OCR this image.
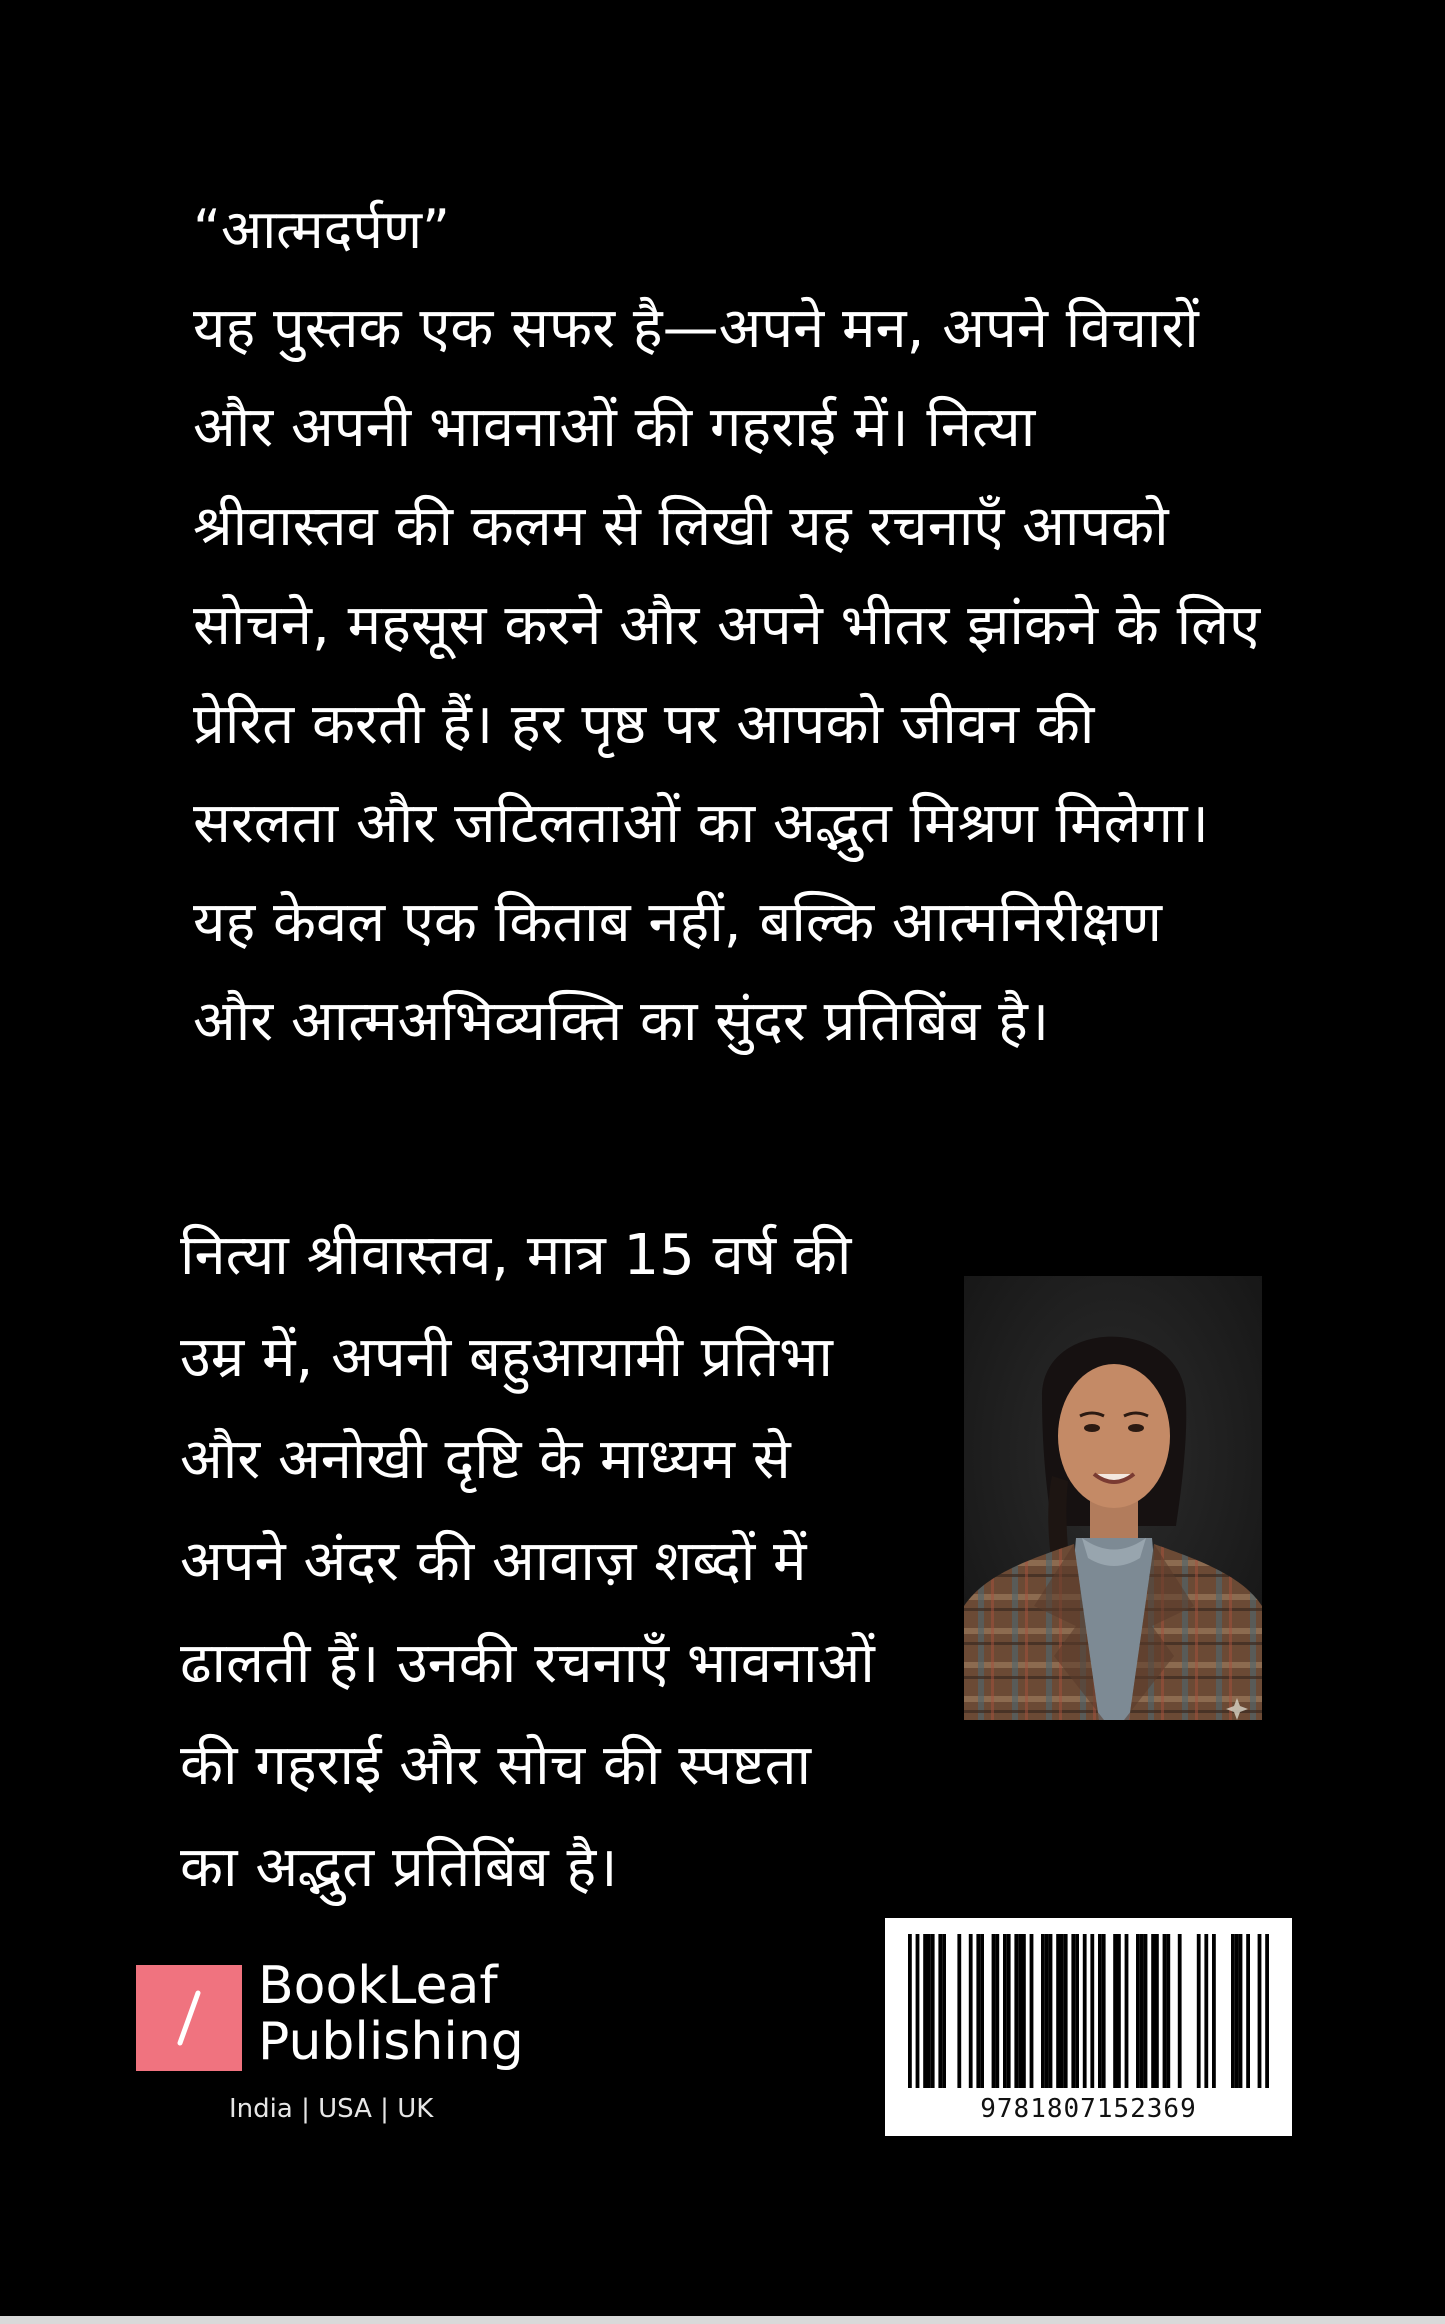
“आत्मदर्पण”
यह पुस्तक एक सफर है—अपने मन, अपने विचारों
और अपनी भावनाओं की गहराई में। नित्या
श्रीवास्तव की कलम से लिखी यह रचनाएँ आपको
सोचने, महसूस करने और अपने भीतर झांकने के लिए
प्रेरित करती हैं। हर पृष्ठ पर आपको जीवन की
सरलता और जटिलताओं का अद्भुत मिश्रण मिलेगा।
यह केवल एक किताब नहीं, बल्कि आत्मनिरीक्षण
और आत्मअभिव्यक्ति का सुंदर प्रतिबिंब है।
नित्या श्रीवास्तव, मात्र 15 वर्ष की
उम्र में, अपनी बहुआयामी प्रतिभा
और अनोखी दृष्टि के माध्यम से
अपने अंदर की आवाज़ शब्दों में
ढालती हैं। उनकी रचनाएँ भावनाओं
की गहराई और सोच की स्पष्टता
का अद्भुत प्रतिबिंब है।
BookLeaf
Publishing
India | USA | UK	9781807152369
